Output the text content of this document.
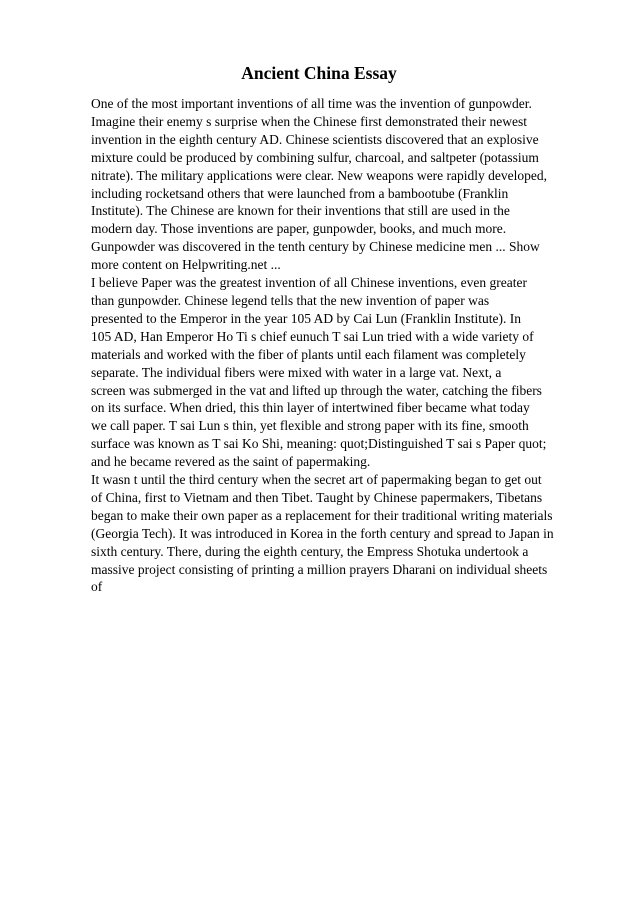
Ancient China Essay
One of the most important inventions of all time was the invention of gunpowder.
Imagine their enemy s surprise when the Chinese first demonstrated their newest
invention in the eighth century AD. Chinese scientists discovered that an explosive
mixture could be produced by combining sulfur, charcoal, and saltpeter (potassium
nitrate). The military applications were clear. New weapons were rapidly developed,
including rocketsand others that were launched from a bambootube (Franklin
Institute). The Chinese are known for their inventions that still are used in the
modern day. Those inventions are paper, gunpowder, books, and much more.
Gunpowder was discovered in the tenth century by Chinese medicine men ... Show
more content on Helpwriting.net ...
I believe Paper was the greatest invention of all Chinese inventions, even greater
than gunpowder. Chinese legend tells that the new invention of paper was
presented to the Emperor in the year 105 AD by Cai Lun (Franklin Institute). In
105 AD, Han Emperor Ho Ti s chief eunuch T sai Lun tried with a wide variety of
materials and worked with the fiber of plants until each filament was completely
separate. The individual fibers were mixed with water in a large vat. Next, a
screen was submerged in the vat and lifted up through the water, catching the fibers
on its surface. When dried, this thin layer of intertwined fiber became what today
we call paper. T sai Lun s thin, yet flexible and strong paper with its fine, smooth
surface was known as T sai Ko Shi, meaning: quot;Distinguished T sai s Paper quot;
and he became revered as the saint of papermaking.
It wasn t until the third century when the secret art of papermaking began to get out
of China, first to Vietnam and then Tibet. Taught by Chinese papermakers, Tibetans
began to make their own paper as a replacement for their traditional writing materials
(Georgia Tech). It was introduced in Korea in the forth century and spread to Japan in
sixth century. There, during the eighth century, the Empress Shotuka undertook a
massive project consisting of printing a million prayers Dharani on individual sheets
of
